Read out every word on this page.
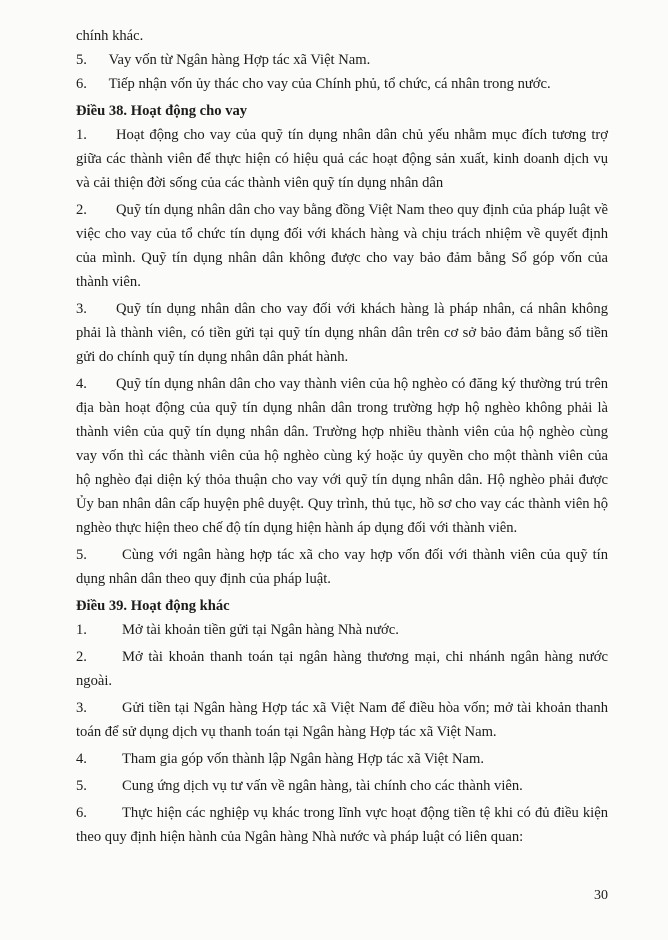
chính khác.

5.      Vay vốn từ Ngân hàng Hợp tác xã Việt Nam.

6.      Tiếp nhận vốn ủy thác cho vay của Chính phủ, tổ chức, cá nhân trong nước.

Điều 38. Hoạt động cho vay

1. Hoạt động cho vay của quỹ tín dụng nhân dân chủ yếu nhằm mục đích tương trợ giữa các thành viên để thực hiện có hiệu quả các hoạt động sản xuất, kinh doanh dịch vụ và cải thiện đời sống của các thành viên quỹ tín dụng nhân dân

2. Quỹ tín dụng nhân dân cho vay bằng đồng Việt Nam theo quy định của pháp luật về việc cho vay của tổ chức tín dụng đối với khách hàng và chịu trách nhiệm về quyết định của mình. Quỹ tín dụng nhân dân không được cho vay bảo đảm bằng Sổ góp vốn của thành viên.

3. Quỹ tín dụng nhân dân cho vay đối với khách hàng là pháp nhân, cá nhân không phải là thành viên, có tiền gửi tại quỹ tín dụng nhân dân trên cơ sở bảo đảm bằng số tiền gửi do chính quỹ tín dụng nhân dân phát hành.

4. Quỹ tín dụng nhân dân cho vay thành viên của hộ nghèo có đăng ký thường trú trên địa bàn hoạt động của quỹ tín dụng nhân dân trong trường hợp hộ nghèo không phải là thành viên của quỹ tín dụng nhân dân. Trường hợp nhiều thành viên của hộ nghèo cùng vay vốn thì các thành viên của hộ nghèo cùng ký hoặc ủy quyền cho một thành viên của hộ nghèo đại diện ký thỏa thuận cho vay với quỹ tín dụng nhân dân. Hộ nghèo phải được Ủy ban nhân dân cấp huyện phê duyệt. Quy trình, thủ tục, hồ sơ cho vay các thành viên hộ nghèo thực hiện theo chế độ tín dụng hiện hành áp dụng đối với thành viên.

5. Cùng với ngân hàng hợp tác xã cho vay hợp vốn đối với thành viên của quỹ tín dụng nhân dân theo quy định của pháp luật.

Điều 39. Hoạt động khác

1. Mở tài khoản tiền gửi tại Ngân hàng Nhà nước.

2. Mở tài khoản thanh toán tại ngân hàng thương mại, chi nhánh ngân hàng nước ngoài.

3. Gửi tiền tại Ngân hàng Hợp tác xã Việt Nam để điều hòa vốn; mở tài khoản thanh toán để sử dụng dịch vụ thanh toán tại Ngân hàng Hợp tác xã Việt Nam.

4. Tham gia góp vốn thành lập Ngân hàng Hợp tác xã Việt Nam.

5. Cung ứng dịch vụ tư vấn về ngân hàng, tài chính cho các thành viên.

6. Thực hiện các nghiệp vụ khác trong lĩnh vực hoạt động tiền tệ khi có đủ điều kiện theo quy định hiện hành của Ngân hàng Nhà nước và pháp luật có liên quan:

30
